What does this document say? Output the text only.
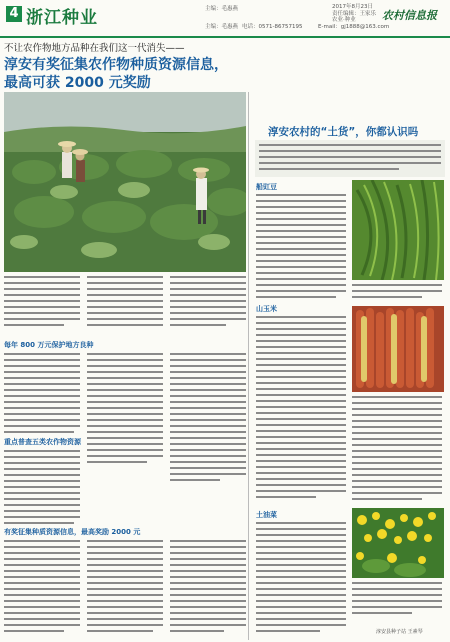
4 浙江种业	主编：毛惠燕
主编：毛惠燕 电话：0571-86757195	E-mail：gj1888@163.com
2017年8月23日
责任编辑：王家乐
农业·种业 农村信息报
不让农作物地方品种在我们这一代消失——
淳安有奖征集农作物种质资源信息，
最高可获 2000 元奖励
每年 800 万元保护地方良种
重点普查五类农作物资源
有奖征集种质资源信息，最高奖励 2000 元
淳安农村的“土货”，你都认识吗
船豇豆
山玉米
土油菜
淳安县种子站 王素琴
